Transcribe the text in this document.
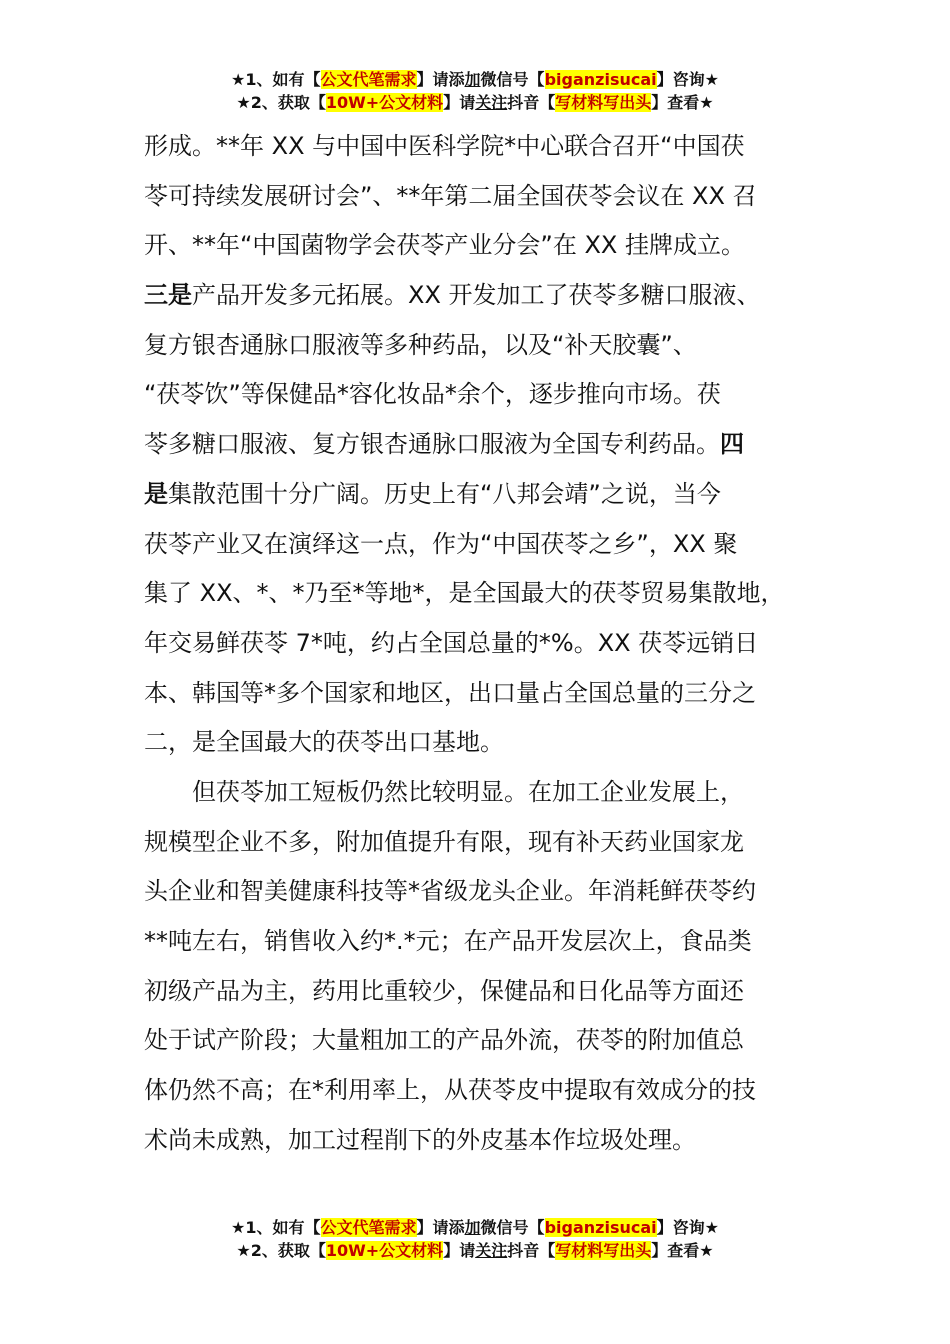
★1、如有【公文代笔需求】请添加微信号【biganzisucai】咨询★
★2、获取【10W+公文材料】请关注抖音【写材料写出头】查看★
形成。**年 XX 与中国中医科学院*中心联合召开“中国茯
苓可持续发展研讨会”、**年第二届全国茯苓会议在 XX 召
开、**年“中国菌物学会茯苓产业分会”在 XX 挂牌成立。
三是产品开发多元拓展。XX 开发加工了茯苓多糖口服液、
复方银杏通脉口服液等多种药品，以及“补天胶囊”、
“茯苓饮”等保健品*容化妆品*余个，逐步推向市场。茯
苓多糖口服液、复方银杏通脉口服液为全国专利药品。四
是集散范围十分广阔。历史上有“八邦会靖”之说，当今
茯苓产业又在演绎这一点，作为“中国茯苓之乡”，XX 聚
集了 XX、*、*乃至*等地*，是全国最大的茯苓贸易集散地，
年交易鲜茯苓 7*吨，约占全国总量的*%。XX 茯苓远销日
本、韩国等*多个国家和地区，出口量占全国总量的三分之
二，是全国最大的茯苓出口基地。
但茯苓加工短板仍然比较明显。在加工企业发展上，
规模型企业不多，附加值提升有限，现有补天药业国家龙
头企业和智美健康科技等*省级龙头企业。年消耗鲜茯苓约
**吨左右，销售收入约*.*元；在产品开发层次上，食品类
初级产品为主，药用比重较少，保健品和日化品等方面还
处于试产阶段；大量粗加工的产品外流，茯苓的附加值总
体仍然不高；在*利用率上，从茯苓皮中提取有效成分的技
术尚未成熟，加工过程削下的外皮基本作垃圾处理。
★1、如有【公文代笔需求】请添加微信号【biganzisucai】咨询★
★2、获取【10W+公文材料】请关注抖音【写材料写出头】查看★
